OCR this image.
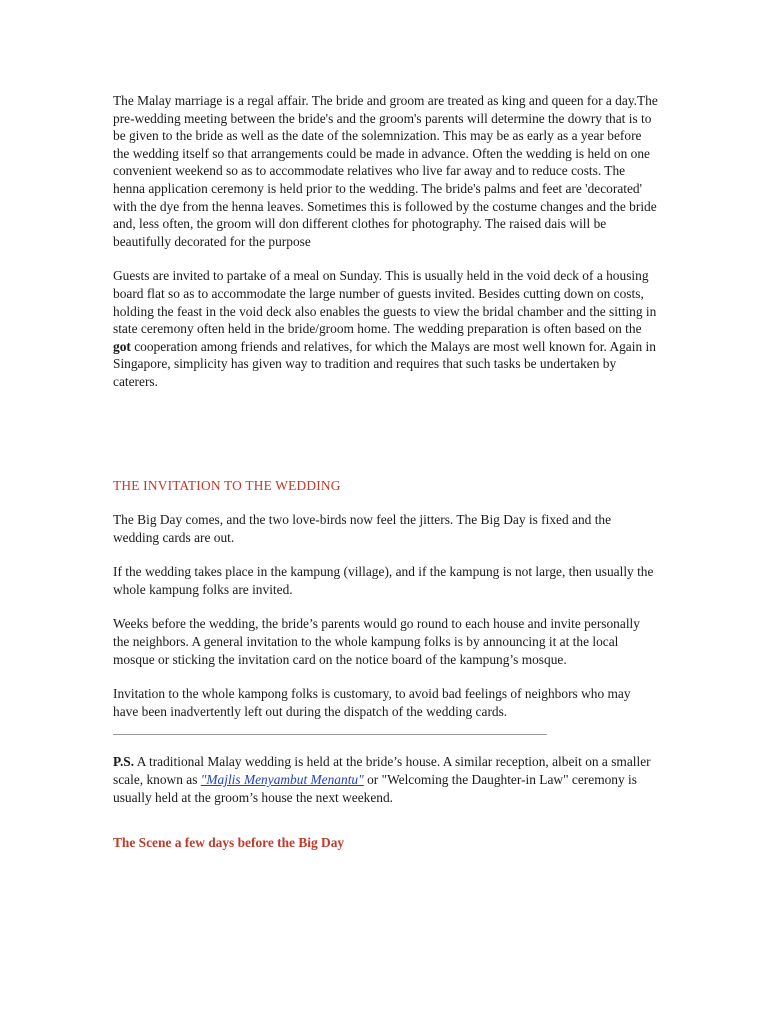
The Malay marriage is a regal affair. The bride and groom are treated as king and queen for a day.The pre-wedding meeting between the bride's and the groom's parents will determine the dowry that is to be given to the bride as well as the date of the solemnization. This may be as early as a year before the wedding itself so that arrangements could be made in advance. Often the wedding is held on one convenient weekend so as to accommodate relatives who live far away and to reduce costs. The henna application ceremony is held prior to the wedding. The bride's palms and feet are 'decorated' with the dye from the henna leaves. Sometimes this is followed by the costume changes and the bride and, less often, the groom will don different clothes for photography. The raised dais will be beautifully decorated for the purpose

Guests are invited to partake of a meal on Sunday. This is usually held in the void deck of a housing board flat so as to accommodate the large number of guests invited. Besides cutting down on costs, holding the feast in the void deck also enables the guests to view the bridal chamber and the sitting in state ceremony often held in the bride/groom home. The wedding preparation is often based on the got cooperation among friends and relatives, for which the Malays are most well known for. Again in Singapore, simplicity has given way to tradition and requires that such tasks be undertaken by caterers.

THE INVITATION TO THE WEDDING

The Big Day comes, and the two love-birds now feel the jitters. The Big Day is fixed and the wedding cards are out.

If the wedding takes place in the kampung (village), and if the kampung is not large, then usually the whole kampung folks are invited.

Weeks before the wedding, the bride’s parents would go round to each house and invite personally the neighbors. A general invitation to the whole kampung folks is by announcing it at the local mosque or sticking the invitation card on the notice board of the kampung’s mosque.

Invitation to the whole kampong folks is customary, to avoid bad feelings of neighbors who may have been inadvertently left out during the dispatch of the wedding cards.

P.S. A traditional Malay wedding is held at the bride’s house. A similar reception, albeit on a smaller scale, known as "Majlis Menyambut Menantu" or "Welcoming the Daughter-in Law" ceremony is usually held at the groom’s house the next weekend.

The Scene a few days before the Big Day
